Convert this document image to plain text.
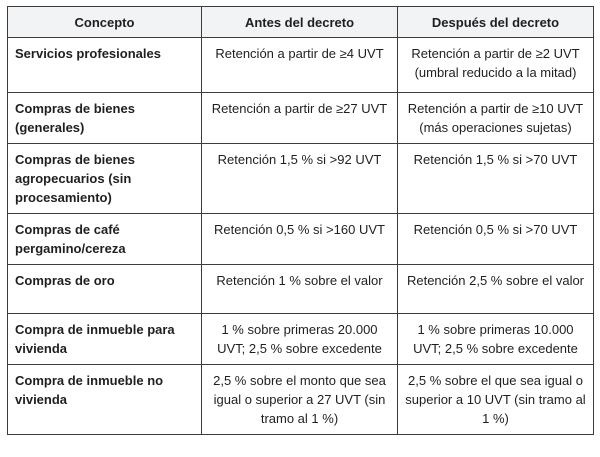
Concepto	Antes del decreto	Después del decreto
Servicios profesionales	Retención a partir de ≥4 UVT	Retención a partir de ≥2 UVT (umbral reducido a la mitad)
Compras de bienes (generales)	Retención a partir de ≥27 UVT	Retención a partir de ≥10 UVT (más operaciones sujetas)
Compras de bienes agropecuarios (sin procesamiento)	Retención 1,5 % si >92 UVT	Retención 1,5 % si >70 UVT
Compras de café pergamino/cereza	Retención 0,5 % si >160 UVT	Retención 0,5 % si >70 UVT
Compras de oro	Retención 1 % sobre el valor	Retención 2,5 % sobre el valor
Compra de inmueble para vivienda	1 % sobre primeras 20.000 UVT; 2,5 % sobre excedente	1 % sobre primeras 10.000 UVT; 2,5 % sobre excedente
Compra de inmueble no vivienda	2,5 % sobre el monto que sea igual o superior a 27 UVT (sin tramo al 1 %)	2,5 % sobre el que sea igual o superior a 10 UVT (sin tramo al 1 %)
